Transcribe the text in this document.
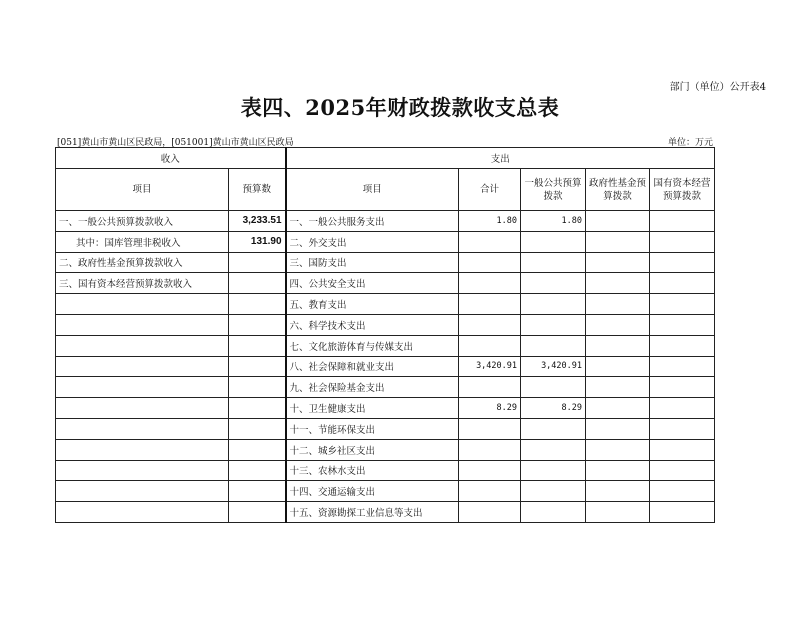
部门（单位）公开表4
表四、2025年财政拨款收支总表
[051]黄山市黄山区民政局，[051001]黄山市黄山区民政局	单位：万元
收入		支出				
项目	预算数	项目	合计	一般公共预算拨款	政府性基金预算拨款	国有资本经营预算拨款
一、一般公共预算拨款收入	3,233.51	一、一般公共服务支出	1.80	1.80		
其中：国库管理非税收入	131.90	二、外交支出				
二、政府性基金预算拨款收入		三、国防支出				
三、国有资本经营预算拨款收入		四、公共安全支出				
		五、教育支出				
		六、科学技术支出				
		七、文化旅游体育与传媒支出				
		八、社会保障和就业支出	3,420.91	3,420.91		
		九、社会保险基金支出				
		十、卫生健康支出	8.29	8.29		
		十一、节能环保支出				
		十二、城乡社区支出				
		十三、农林水支出				
		十四、交通运输支出				
		十五、资源勘探工业信息等支出				
